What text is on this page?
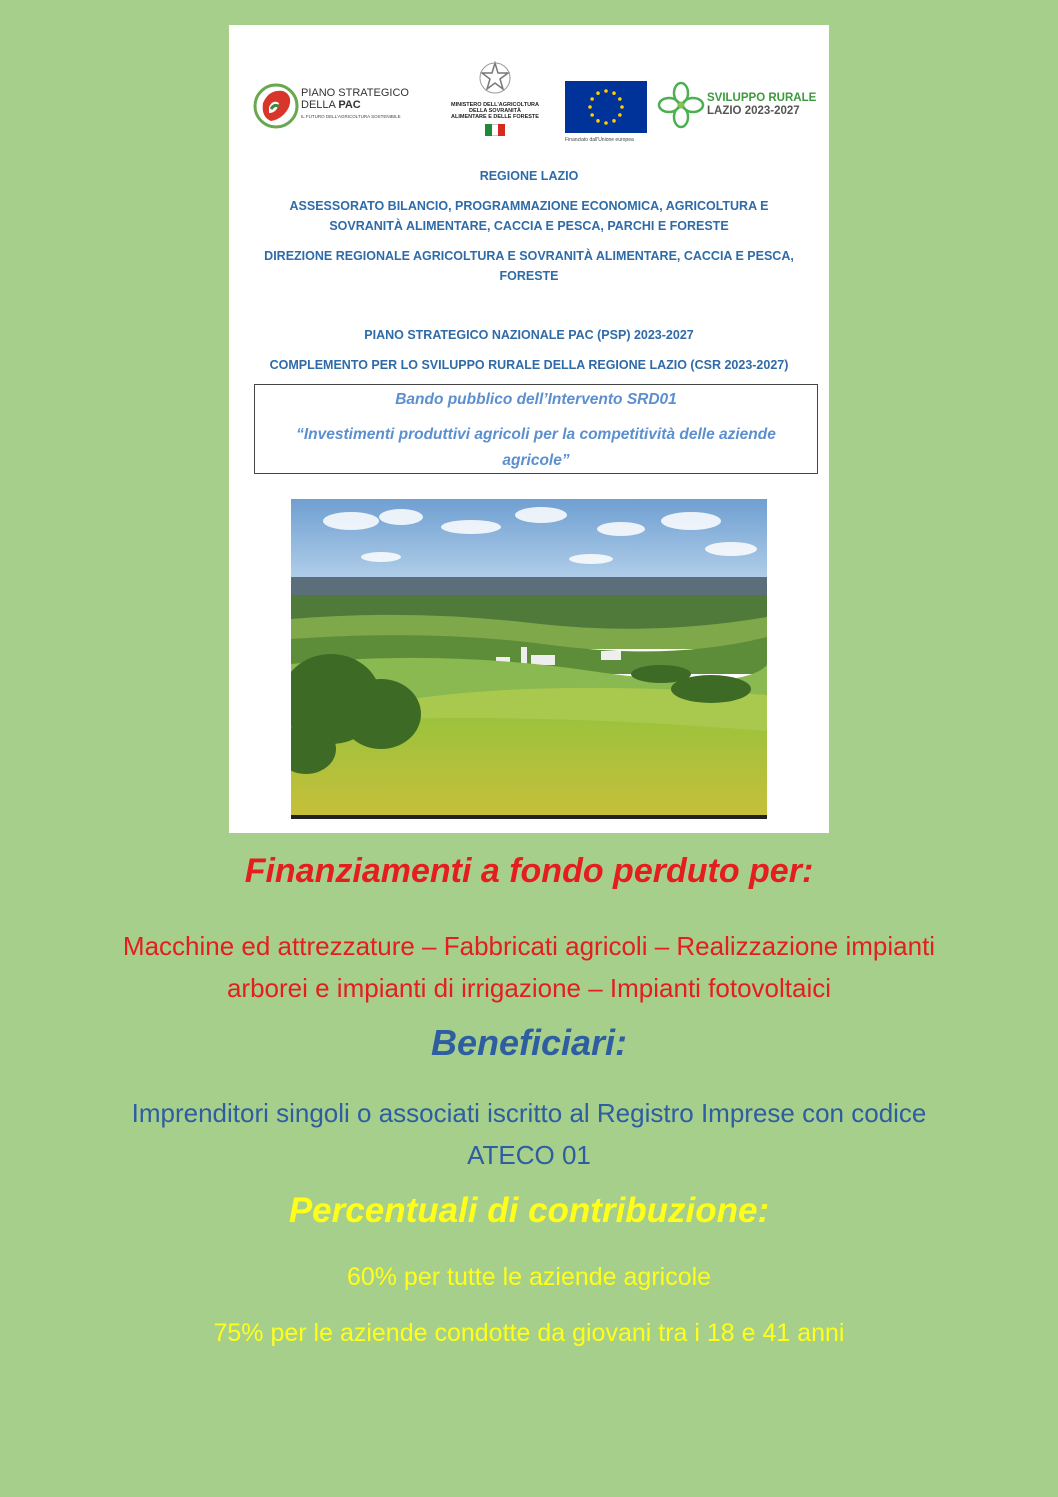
PIANO STRATEGICO
DELLA PAC
IL FUTURO DELL'AGRICOLTURA SOSTENIBILE
MINISTERO DELL'AGRICOLTURA DELLA SOVRANITÀ ALIMENTARE E DELLE FORESTE
Finanziato dall'Unione europea
SVILUPPO RURALE
LAZIO 2023-2027
REGIONE LAZIO
ASSESSORATO BILANCIO, PROGRAMMAZIONE ECONOMICA, AGRICOLTURA E SOVRANITÀ ALIMENTARE, CACCIA E PESCA, PARCHI E FORESTE
DIREZIONE REGIONALE AGRICOLTURA E SOVRANITÀ ALIMENTARE, CACCIA E PESCA, FORESTE
PIANO STRATEGICO NAZIONALE PAC (PSP) 2023-2027
COMPLEMENTO PER LO SVILUPPO RURALE DELLA REGIONE LAZIO (CSR 2023-2027)
Bando pubblico dell’Intervento SRD01
“Investimenti produttivi agricoli per la competitività delle aziende agricole”
Finanziamenti a fondo perduto per:
Macchine ed attrezzature – Fabbricati agricoli – Realizzazione impianti arborei e impianti di irrigazione – Impianti fotovoltaici
Beneficiari:
Imprenditori singoli o associati iscritto al Registro Imprese con codice ATECO 01
Percentuali di contribuzione:
60% per tutte le aziende agricole
75% per le aziende condotte da giovani tra i 18 e 41 anni
